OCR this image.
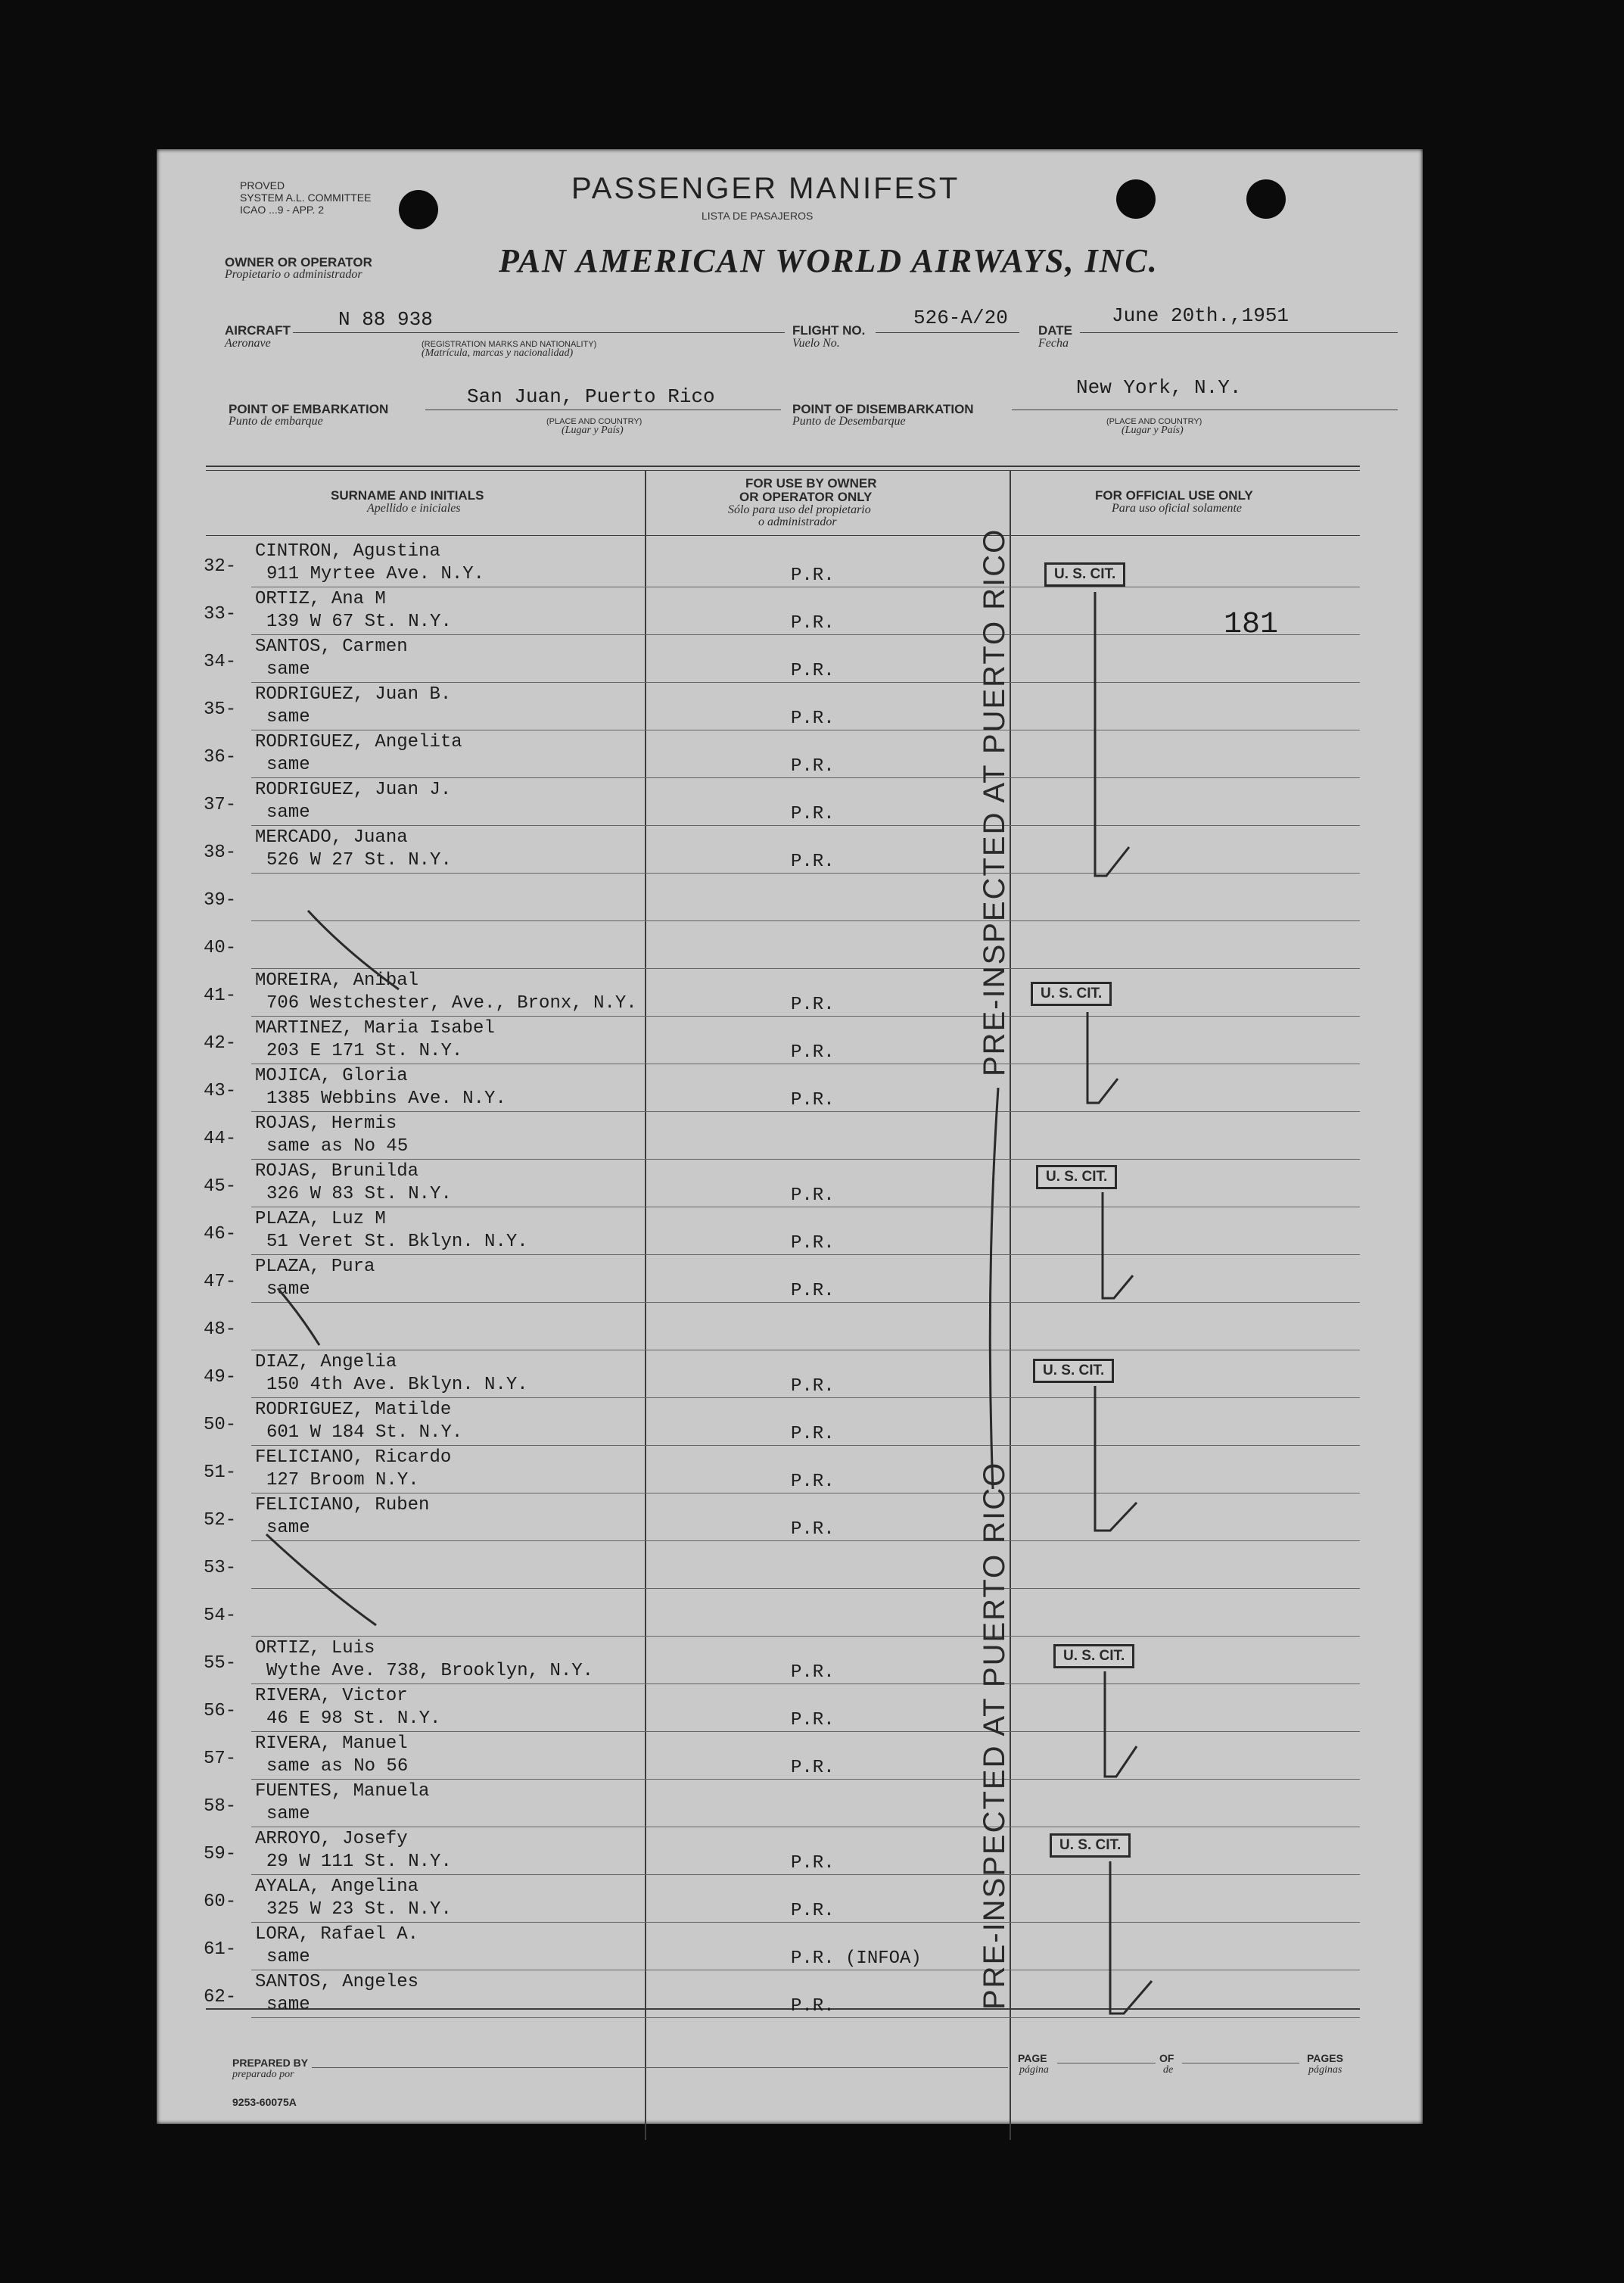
PROVED
SYSTEM A.L. COMMITTEE
ICAO ...9 - APP. 2
PASSENGER MANIFEST
LISTA DE PASAJEROS
OWNER OR OPERATOR
Propietario o administrador	PAN AMERICAN WORLD AIRWAYS, INC.
AIRCRAFT
Aeronave
N 88 938
(REGISTRATION MARKS AND NATIONALITY)
(Matrícula, marcas y nacionalidad)
FLIGHT NO.
Vuelo No.
526-A/20
DATE
Fecha
June 20th.,1951
POINT OF EMBARKATION
Punto de embarque
San Juan, Puerto Rico
(PLACE AND COUNTRY)
(Lugar y País)
POINT OF DISEMBARKATION
Punto de Desembarque
New York, N.Y.
(PLACE AND COUNTRY)
(Lugar y País)
SURNAME AND INITIALS
Apellido e iniciales
FOR USE BY OWNER
OR OPERATOR ONLY
Sólo para uso del propietario
o administrador
FOR OFFICIAL USE ONLY
Para uso oficial solamente
32-
CINTRON, Agustina
911 Myrtee Ave. N.Y.	P.R.
33-
ORTIZ, Ana M
139 W 67 St. N.Y.	P.R.
34-
SANTOS, Carmen
same	P.R.
35-
RODRIGUEZ, Juan B.
same	P.R.
36-
RODRIGUEZ, Angelita
same	P.R.
37-
RODRIGUEZ, Juan J.
same	P.R.
38-
MERCADO, Juana
526 W 27 St. N.Y.	P.R.
39-
40-
41-
MOREIRA, Anibal
706 Westchester, Ave., Bronx, N.Y.	P.R.
42-
MARTINEZ, Maria Isabel
203 E 171 St. N.Y.	P.R.
43-
MOJICA, Gloria
1385 Webbins Ave. N.Y.	P.R.
44-
ROJAS, Hermis
same as No 45
45-
ROJAS, Brunilda
326 W 83 St. N.Y.	P.R.
46-
PLAZA, Luz M
51 Veret St. Bklyn. N.Y.	P.R.
47-
PLAZA, Pura
same	P.R.
48-
49-
DIAZ, Angelia
150 4th Ave. Bklyn. N.Y.	P.R.
50-
RODRIGUEZ, Matilde
601 W 184 St. N.Y.	P.R.
51-
FELICIANO, Ricardo
127 Broom N.Y.	P.R.
52-
FELICIANO, Ruben
same	P.R.
53-
54-
55-
ORTIZ, Luis
Wythe Ave. 738, Brooklyn, N.Y.	P.R.
56-
RIVERA, Victor
46 E 98 St. N.Y.	P.R.
57-
RIVERA, Manuel
same as No 56	P.R.
58-
FUENTES, Manuela
same
59-
ARROYO, Josefy
29 W 111 St. N.Y.	P.R.
60-
AYALA, Angelina
325 W 23 St. N.Y.	P.R.
61-
LORA, Rafael A.
same	P.R. (INFOA)
62-
SANTOS, Angeles
same	P.R.
181
U. S. CIT.
U. S. CIT.
U. S. CIT.
U. S. CIT.
U. S. CIT.
U. S. CIT.
PRE-INSPECTED AT PUERTO RICO
PRE-INSPECTED AT PUERTO RICO
PREPARED BY
preparado por
PAGE
página
OF
de
PAGES
páginas
9253-60075A
